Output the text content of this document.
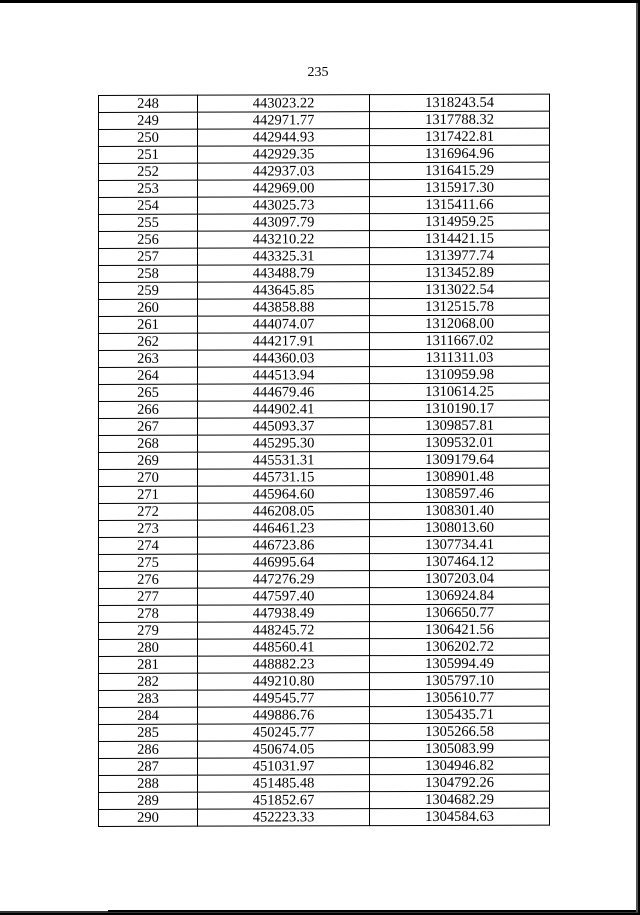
235
248	443023.22	1318243.54
249	442971.77	1317788.32
250	442944.93	1317422.81
251	442929.35	1316964.96
252	442937.03	1316415.29
253	442969.00	1315917.30
254	443025.73	1315411.66
255	443097.79	1314959.25
256	443210.22	1314421.15
257	443325.31	1313977.74
258	443488.79	1313452.89
259	443645.85	1313022.54
260	443858.88	1312515.78
261	444074.07	1312068.00
262	444217.91	1311667.02
263	444360.03	1311311.03
264	444513.94	1310959.98
265	444679.46	1310614.25
266	444902.41	1310190.17
267	445093.37	1309857.81
268	445295.30	1309532.01
269	445531.31	1309179.64
270	445731.15	1308901.48
271	445964.60	1308597.46
272	446208.05	1308301.40
273	446461.23	1308013.60
274	446723.86	1307734.41
275	446995.64	1307464.12
276	447276.29	1307203.04
277	447597.40	1306924.84
278	447938.49	1306650.77
279	448245.72	1306421.56
280	448560.41	1306202.72
281	448882.23	1305994.49
282	449210.80	1305797.10
283	449545.77	1305610.77
284	449886.76	1305435.71
285	450245.77	1305266.58
286	450674.05	1305083.99
287	451031.97	1304946.82
288	451485.48	1304792.26
289	451852.67	1304682.29
290	452223.33	1304584.63
